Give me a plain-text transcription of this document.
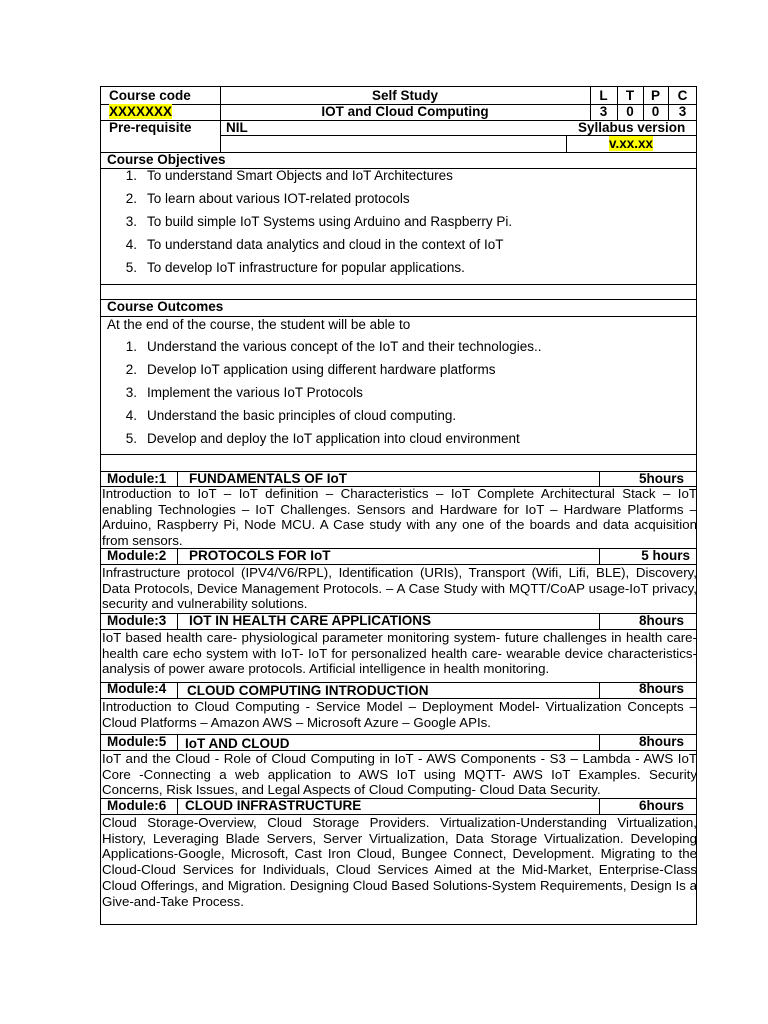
Course code	Self Study	L	T	P	C
XXXXXXX	IOT and Cloud Computing	3	0	0	3
Pre-requisite	NIL	Syllabus version
v.xx.xx
Course Objectives
1. To understand Smart Objects and IoT Architectures
2. To learn about various IOT-related protocols
3. To build simple IoT Systems using Arduino and Raspberry Pi.
4. To understand data analytics and cloud in the context of IoT
5. To develop IoT infrastructure for popular applications.
Course Outcomes
At the end of the course, the student will be able to
1. Understand the various concept of the IoT and their technologies..
2. Develop IoT application using different hardware platforms
3. Implement the various IoT Protocols
4. Understand the basic principles of cloud computing.
5. Develop and deploy the IoT application into cloud environment
Module:1 FUNDAMENTALS OF IoT	5hours
Introduction to IoT – IoT definition – Characteristics – IoT Complete Architectural Stack – IoT enabling Technologies – IoT Challenges. Sensors and Hardware for IoT – Hardware Platforms – Arduino, Raspberry Pi, Node MCU. A Case study with any one of the boards and data acquisition from sensors.
Module:2 PROTOCOLS FOR IoT	5 hours
Infrastructure protocol (IPV4/V6/RPL), Identification (URIs), Transport (Wifi, Lifi, BLE), Discovery, Data Protocols, Device Management Protocols. – A Case Study with MQTT/CoAP usage-IoT privacy, security and vulnerability solutions.
Module:3 IOT IN HEALTH CARE APPLICATIONS	8hours
IoT based health care- physiological parameter monitoring system- future challenges in health care- health care echo system with IoT- IoT for personalized health care- wearable device characteristics-analysis of power aware protocols. Artificial intelligence in health monitoring.
Module:4 CLOUD COMPUTING INTRODUCTION	8hours
Introduction to Cloud Computing - Service Model – Deployment Model- Virtualization Concepts – Cloud Platforms – Amazon AWS – Microsoft Azure – Google APIs.
Module:5 IoT AND CLOUD	8hours
IoT and the Cloud - Role of Cloud Computing in IoT - AWS Components - S3 – Lambda - AWS IoT Core -Connecting a web application to AWS IoT using MQTT- AWS IoT Examples. Security Concerns, Risk Issues, and Legal Aspects of Cloud Computing- Cloud Data Security.
Module:6 CLOUD INFRASTRUCTURE	6hours
Cloud Storage-Overview, Cloud Storage Providers. Virtualization-Understanding Virtualization, History, Leveraging Blade Servers, Server Virtualization, Data Storage Virtualization. Developing Applications-Google, Microsoft, Cast Iron Cloud, Bungee Connect, Development. Migrating to the Cloud-Cloud Services for Individuals, Cloud Services Aimed at the Mid-Market, Enterprise-Class Cloud Offerings, and Migration. Designing Cloud Based Solutions-System Requirements, Design Is a Give-and-Take Process.
